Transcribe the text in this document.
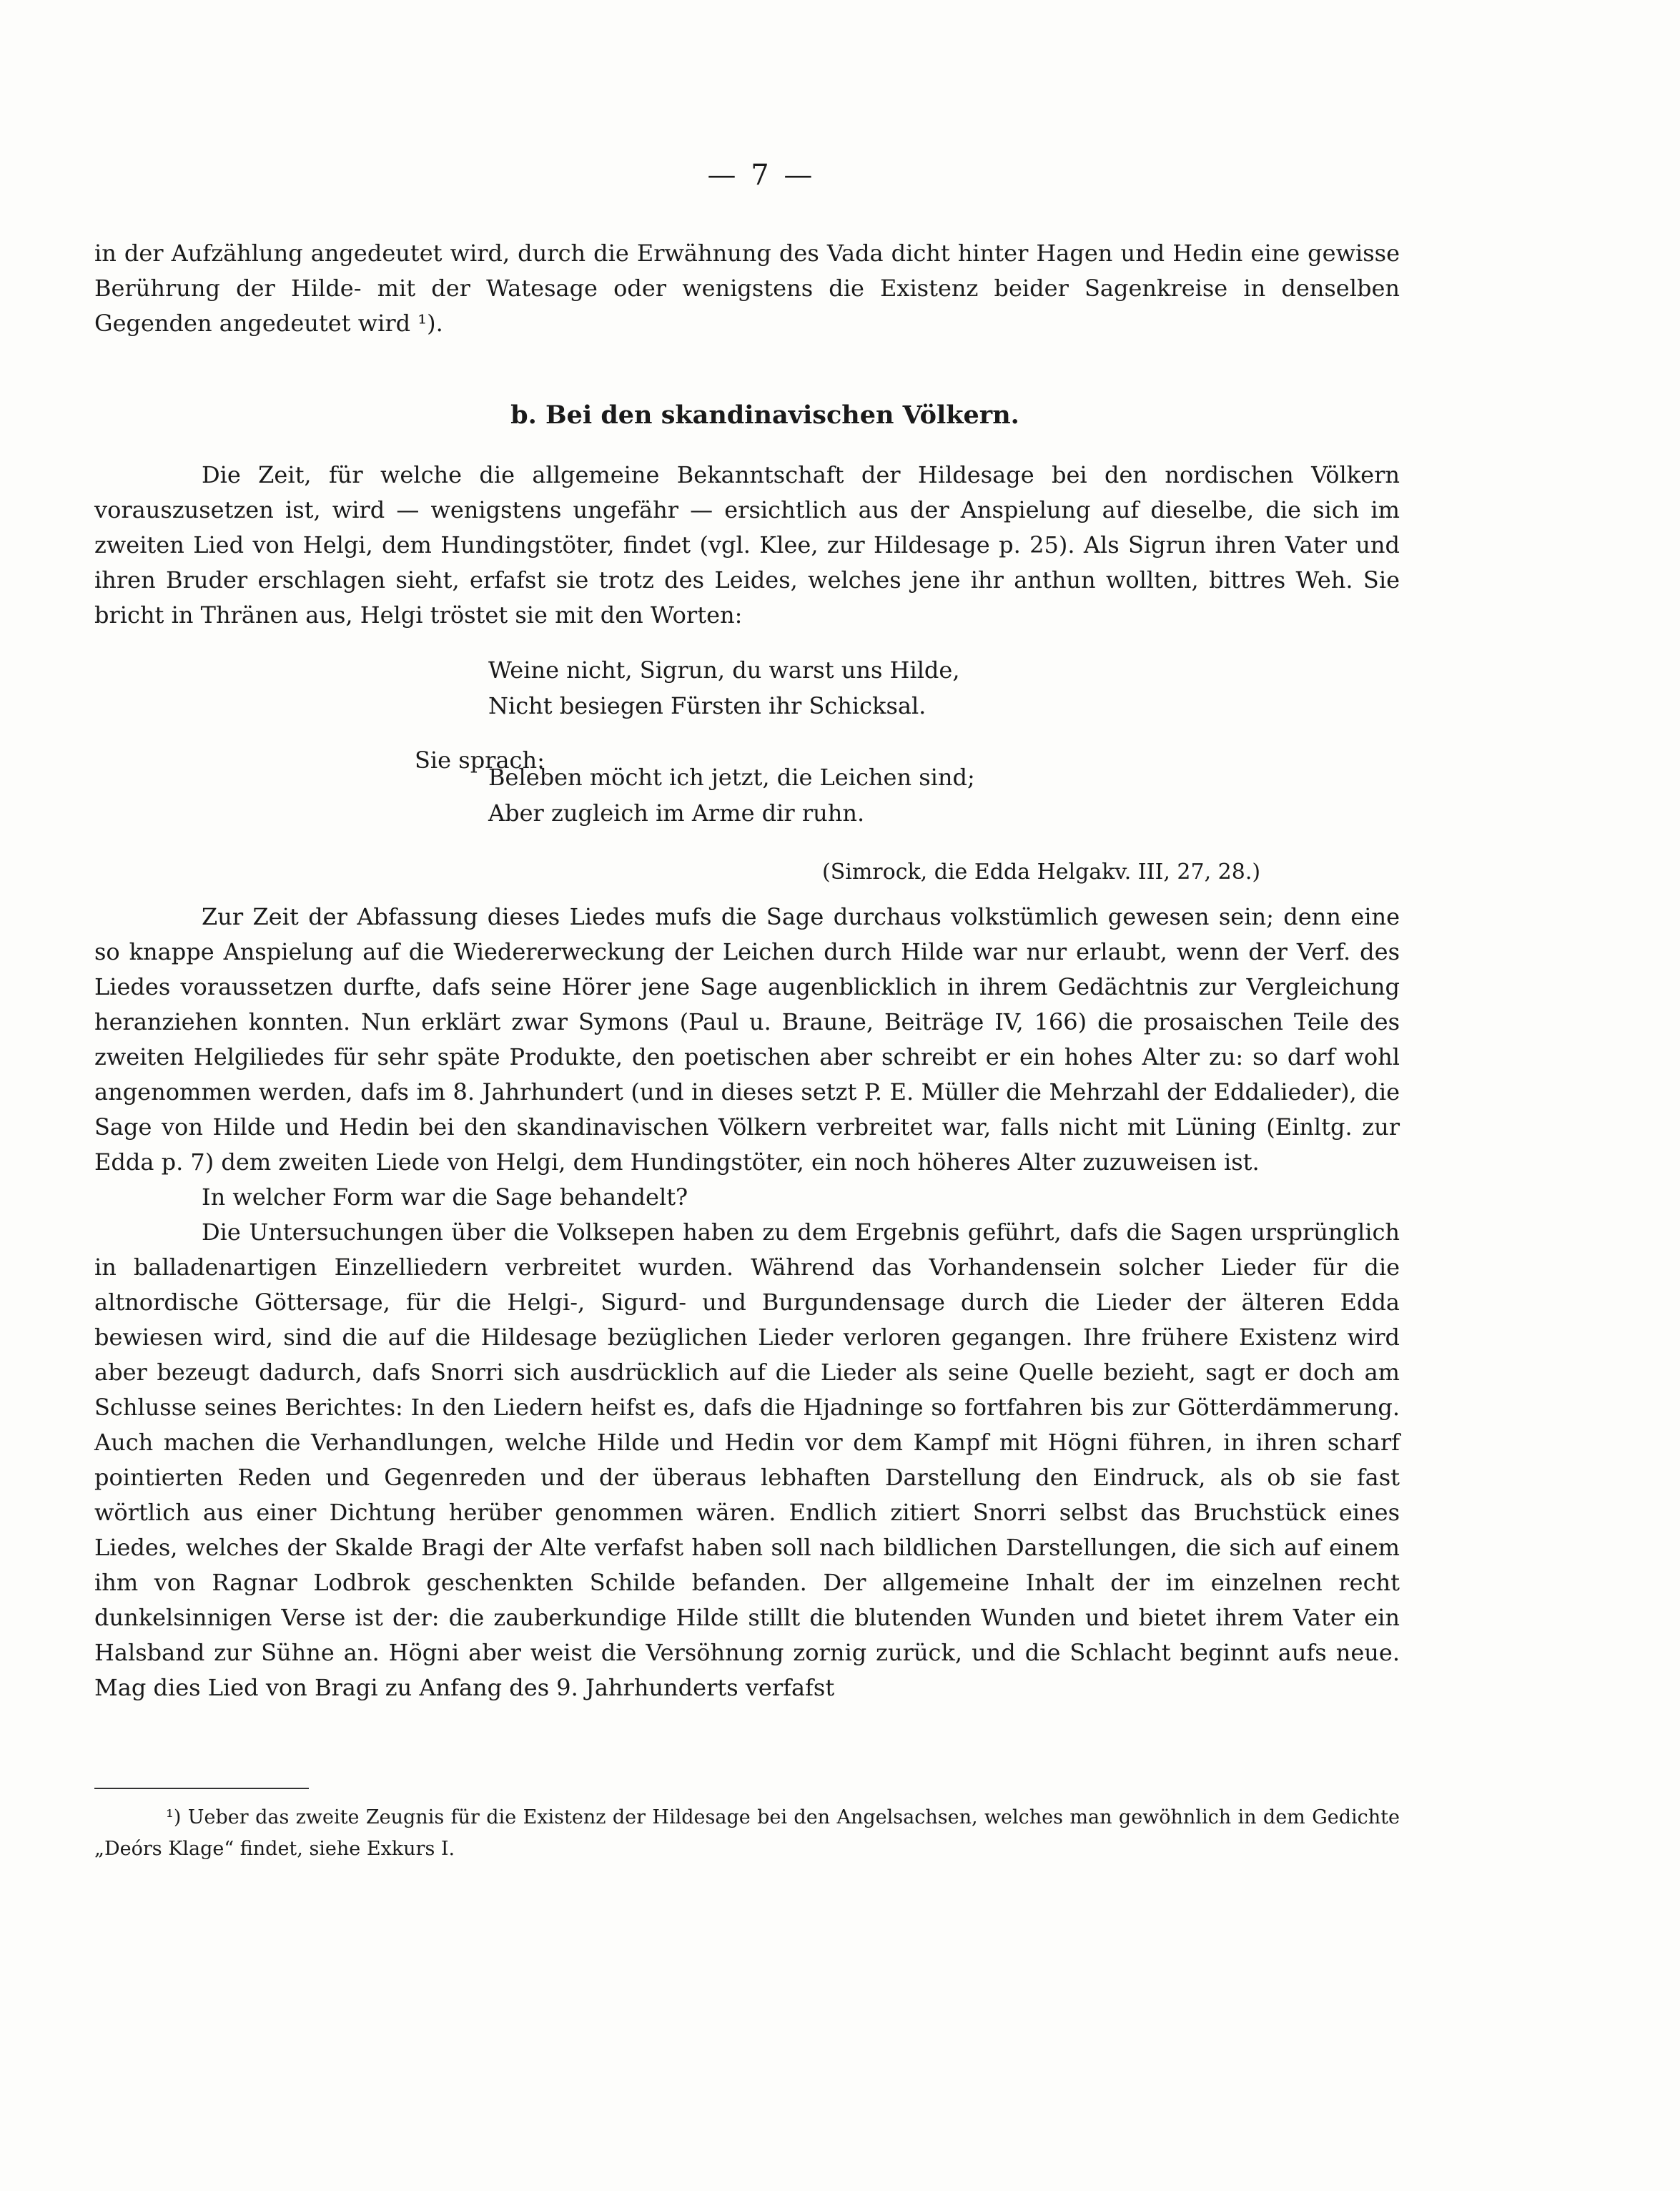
— 7 —

in der Aufzählung angedeutet wird, durch die Erwähnung des Vada dicht hinter Hagen und Hedin eine gewisse Berührung der Hilde- mit der Watesage oder wenigstens die Existenz beider Sagenkreise in denselben Gegenden angedeutet wird ¹).

b. Bei den skandinavischen Völkern.

Die Zeit, für welche die allgemeine Bekanntschaft der Hildesage bei den nordischen Völkern vorauszusetzen ist, wird — wenigstens ungefähr — ersichtlich aus der Anspielung auf dieselbe, die sich im zweiten Lied von Helgi, dem Hundingstöter, findet (vgl. Klee, zur Hildesage p. 25). Als Sigrun ihren Vater und ihren Bruder erschlagen sieht, erfafst sie trotz des Leides, welches jene ihr anthun wollten, bittres Weh. Sie bricht in Thränen aus, Helgi tröstet sie mit den Worten:

Weine nicht, Sigrun, du warst uns Hilde,
Nicht besiegen Fürsten ihr Schicksal.
Sie sprach:
Beleben möcht ich jetzt, die Leichen sind;
Aber zugleich im Arme dir ruhn.
(Simrock, die Edda Helgakv. III, 27, 28.)

Zur Zeit der Abfassung dieses Liedes mufs die Sage durchaus volkstümlich gewesen sein; denn eine so knappe Anspielung auf die Wiedererweckung der Leichen durch Hilde war nur erlaubt, wenn der Verf. des Liedes voraussetzen durfte, dafs seine Hörer jene Sage augenblicklich in ihrem Gedächtnis zur Vergleichung heranziehen konnten. Nun erklärt zwar Symons (Paul u. Braune, Beiträge IV, 166) die prosaischen Teile des zweiten Helgiliedes für sehr späte Produkte, den poetischen aber schreibt er ein hohes Alter zu: so darf wohl angenommen werden, dafs im 8. Jahrhundert (und in dieses setzt P. E. Müller die Mehrzahl der Eddalieder), die Sage von Hilde und Hedin bei den skandinavischen Völkern verbreitet war, falls nicht mit Lüning (Einltg. zur Edda p. 7) dem zweiten Liede von Helgi, dem Hundingstöter, ein noch höheres Alter zuzuweisen ist.

In welcher Form war die Sage behandelt?

Die Untersuchungen über die Volksepen haben zu dem Ergebnis geführt, dafs die Sagen ursprünglich in balladenartigen Einzelliedern verbreitet wurden. Während das Vorhandensein solcher Lieder für die altnordische Göttersage, für die Helgi-, Sigurd- und Burgundensage durch die Lieder der älteren Edda bewiesen wird, sind die auf die Hildesage bezüglichen Lieder verloren gegangen. Ihre frühere Existenz wird aber bezeugt dadurch, dafs Snorri sich ausdrücklich auf die Lieder als seine Quelle bezieht, sagt er doch am Schlusse seines Berichtes: In den Liedern heifst es, dafs die Hjadninge so fortfahren bis zur Götterdämmerung. Auch machen die Verhandlungen, welche Hilde und Hedin vor dem Kampf mit Högni führen, in ihren scharf pointierten Reden und Gegenreden und der überaus lebhaften Darstellung den Eindruck, als ob sie fast wörtlich aus einer Dichtung herüber genommen wären. Endlich zitiert Snorri selbst das Bruchstück eines Liedes, welches der Skalde Bragi der Alte verfafst haben soll nach bildlichen Darstellungen, die sich auf einem ihm von Ragnar Lodbrok geschenkten Schilde befanden. Der allgemeine Inhalt der im einzelnen recht dunkelsinnigen Verse ist der: die zauberkundige Hilde stillt die blutenden Wunden und bietet ihrem Vater ein Halsband zur Sühne an. Högni aber weist die Versöhnung zornig zurück, und die Schlacht beginnt aufs neue. Mag dies Lied von Bragi zu Anfang des 9. Jahrhunderts verfafst

¹) Ueber das zweite Zeugnis für die Existenz der Hildesage bei den Angelsachsen, welches man gewöhnlich in dem Gedichte „Deórs Klage“ findet, siehe Exkurs I.
